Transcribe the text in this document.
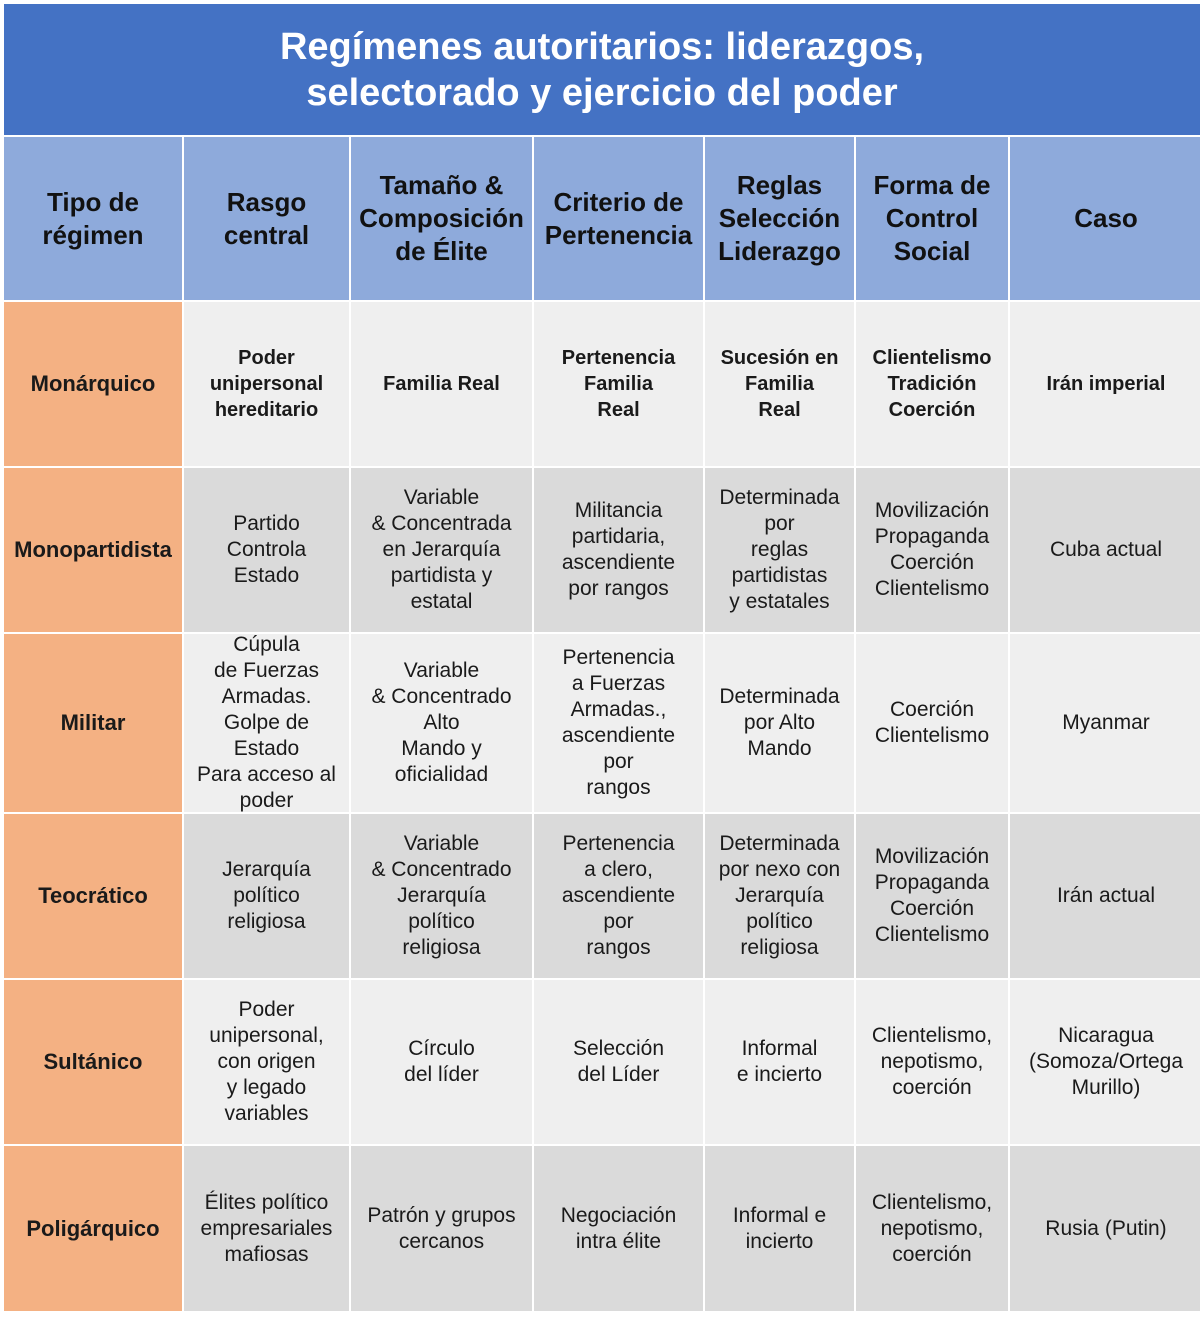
Regímenes autoritarios: liderazgos,
selectorado y ejercicio del poder
Tipo de
régimen
Rasgo
central
Tamaño &
Composición
de Élite
Criterio de
Pertenencia
Reglas
Selección
Liderazgo
Forma de
Control
Social
Caso
Monárquico
Poder
unipersonal
hereditario
Familia Real
Pertenencia
Familia
Real
Sucesión en
Familia
Real
Clientelismo
Tradición
Coerción
Irán imperial
Monopartidista
Partido
Controla
Estado
Variable
& Concentrada
en Jerarquía
partidista y
estatal
Militancia
partidaria,
ascendiente
por rangos
Determinada
por
reglas
partidistas
y estatales
Movilización
Propaganda
Coerción
Clientelismo
Cuba actual
Militar
Cúpula
de Fuerzas
Armadas.
Golpe de
Estado
Para acceso al
poder
Variable
& Concentrado
Alto
Mando y
oficialidad
Pertenencia
a Fuerzas
Armadas.,
ascendiente
por
rangos
Determinada
por Alto
Mando
Coerción
Clientelismo
Myanmar
Teocrático
Jerarquía
político
religiosa
Variable
& Concentrado
Jerarquía
político
religiosa
Pertenencia
a clero,
ascendiente
por
rangos
Determinada
por nexo con
Jerarquía
político
religiosa
Movilización
Propaganda
Coerción
Clientelismo
Irán actual
Sultánico
Poder
unipersonal,
con origen
y legado
variables
Círculo
del líder
Selección
del Líder
Informal
e incierto
Clientelismo,
nepotismo,
coerción
Nicaragua
(Somoza/Ortega
Murillo)
Poligárquico
Élites político
empresariales
mafiosas
Patrón y grupos
cercanos
Negociación
intra élite
Informal e
incierto
Clientelismo,
nepotismo,
coerción
Rusia (Putin)
